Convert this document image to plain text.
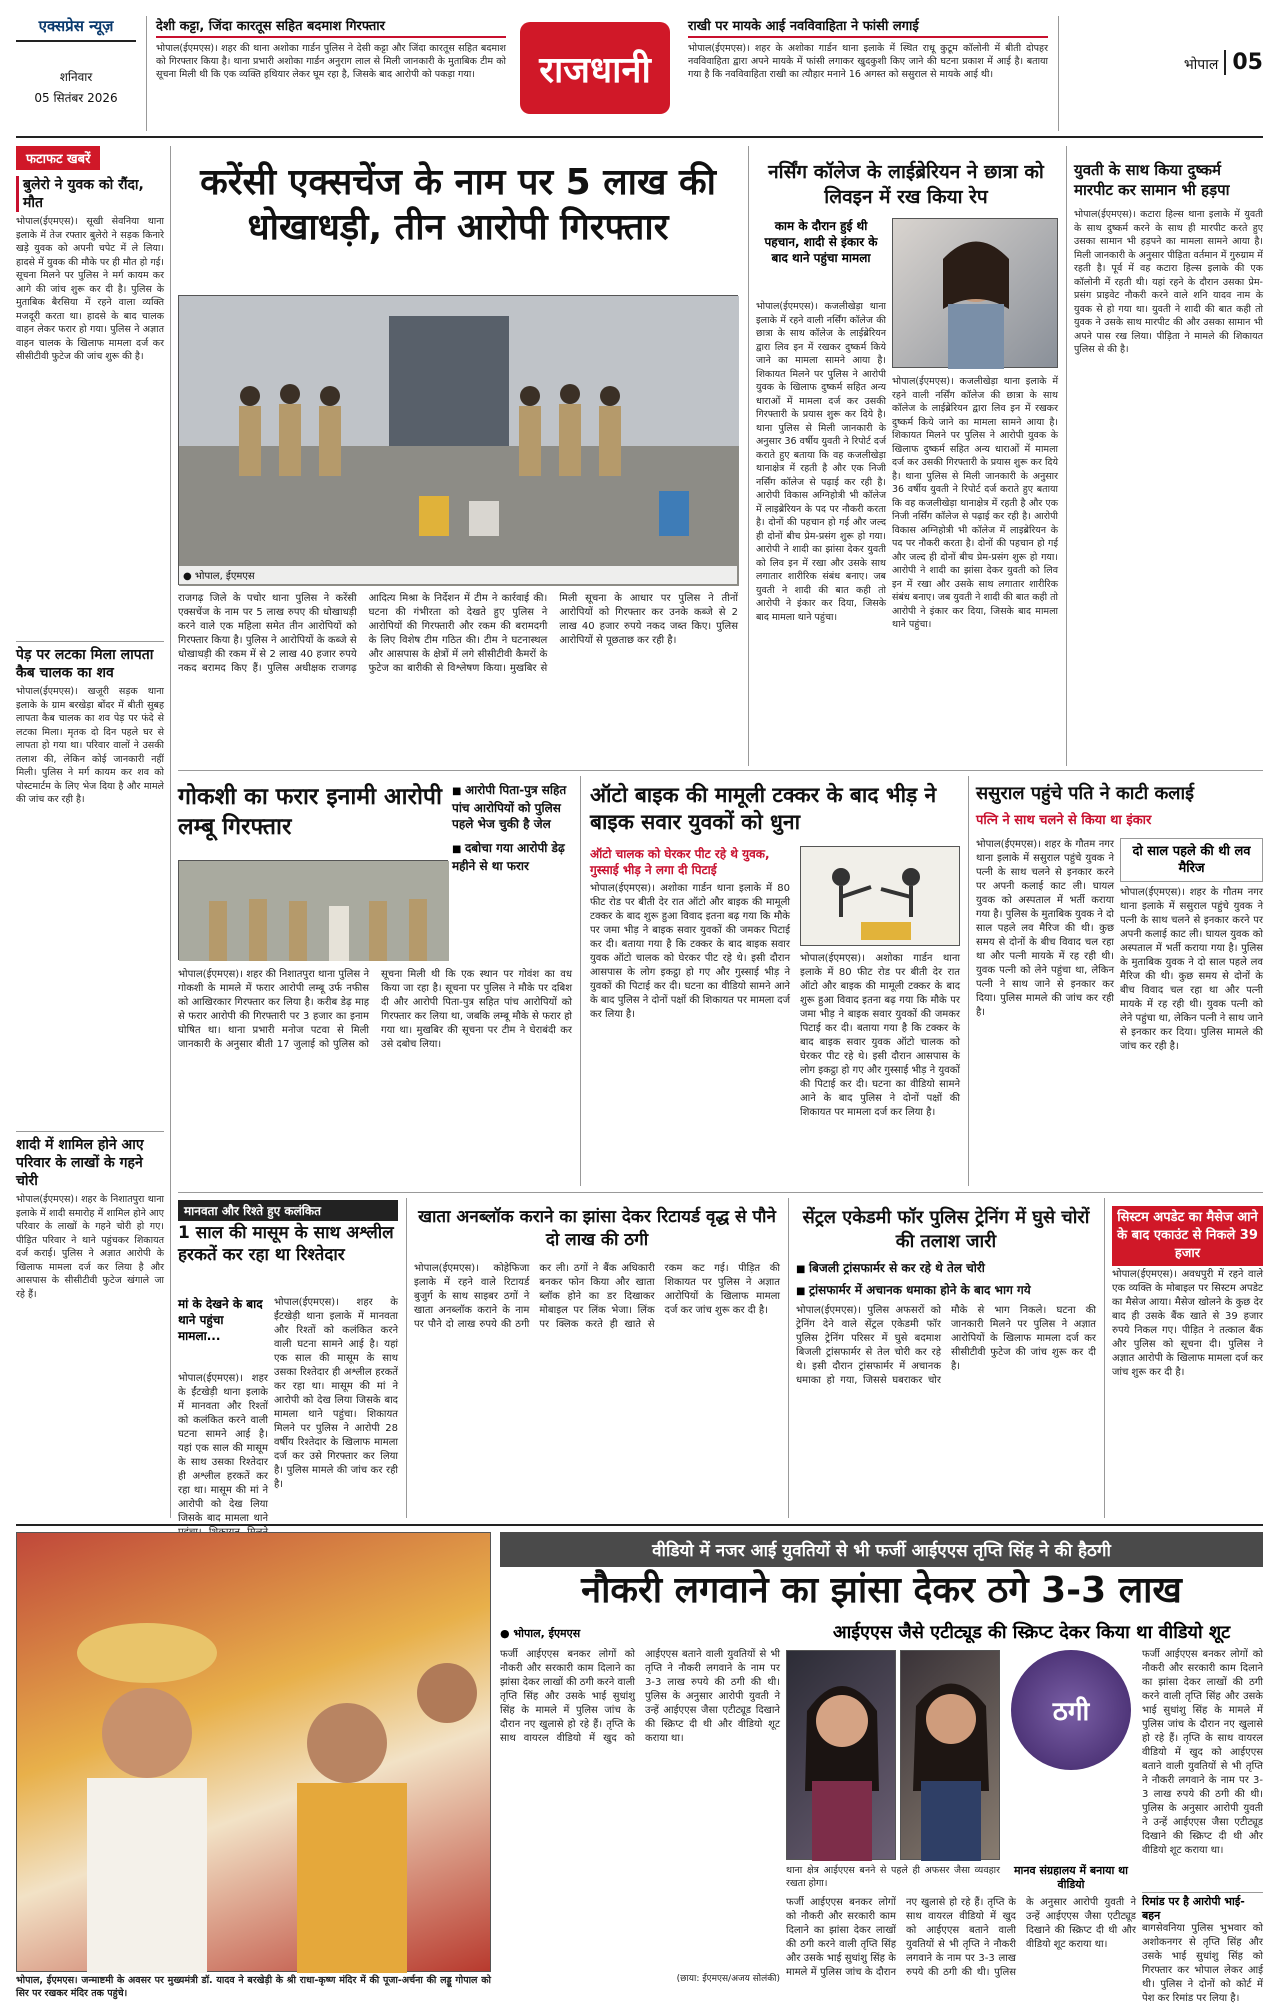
एक्सप्रेस न्यूज़
शनिवार
05 सितंबर 2026
देशी कट्टा, जिंदा कारतूस सहित बदमाश गिरफ्तार
भोपाल(ईएमएस)। शहर की थाना अशोका गार्डन पुलिस ने देसी कट्टा और जिंदा कारतूस सहित बदमाश को गिरफ्तार किया है। थाना प्रभारी अशोका गार्डन अनुराग लाल से मिली जानकारी के मुताबिक टीम को सूचना मिली थी कि एक व्यक्ति हथियार लेकर घूम रहा है, जिसके बाद आरोपी को पकड़ा गया।	राजधानी
राखी पर मायके आई नवविवाहिता ने फांसी लगाई
भोपाल(ईएमएस)। शहर के अशोका गार्डन थाना इलाके में स्थित राधू कुटूम कॉलोनी में बीती दोपहर नवविवाहिता द्वारा अपने मायके में फांसी लगाकर खुदकुशी किए जाने की घटना प्रकाश में आई है। बताया गया है कि नवविवाहिता राखी का त्यौहार मनाने 16 अगस्त को ससुराल से मायके आई थी।
भोपाल 05
फटाफट खबरें
बुलेरो ने युवक को रौंदा, मौत
भोपाल(ईएमएस)। सूखी सेवनिया थाना इलाके में तेज रफ्तार बुलेरो ने सड़क किनारे खड़े युवक को अपनी चपेट में ले लिया। हादसे में युवक की मौके पर ही मौत हो गई। सूचना मिलने पर पुलिस ने मर्ग कायम कर आगे की जांच शुरू कर दी है। पुलिस के मुताबिक बैरसिया में रहने वाला व्यक्ति मजदूरी करता था। हादसे के बाद चालक वाहन लेकर फरार हो गया। पुलिस ने अज्ञात वाहन चालक के खिलाफ मामला दर्ज कर सीसीटीवी फुटेज की जांच शुरू की है।
पेड़ पर लटका मिला लापता कैब चालक का शव
भोपाल(ईएमएस)। खजूरी सड़क थाना इलाके के ग्राम बरखेड़ा बोंदर में बीती सुबह लापता कैब चालक का शव पेड़ पर फंदे से लटका मिला। मृतक दो दिन पहले घर से लापता हो गया था। परिवार वालों ने उसकी तलाश की, लेकिन कोई जानकारी नहीं मिली। पुलिस ने मर्ग कायम कर शव को पोस्टमार्टम के लिए भेज दिया है और मामले की जांच कर रही है।
शादी में शामिल होने आए परिवार के लाखों के गहने चोरी
भोपाल(ईएमएस)। शहर के निशातपुरा थाना इलाके में शादी समारोह में शामिल होने आए परिवार के लाखों के गहने चोरी हो गए। पीड़ित परिवार ने थाने पहुंचकर शिकायत दर्ज कराई। पुलिस ने अज्ञात आरोपी के खिलाफ मामला दर्ज कर लिया है और आसपास के सीसीटीवी फुटेज खंगाले जा रहे हैं।
करेंसी एक्सचेंज के नाम पर 5 लाख की धोखाधड़ी, तीन आरोपी गिरफ्तार
● भोपाल, ईएमएस
राजगढ़ जिले के पचोर थाना पुलिस ने करेंसी एक्सचेंज के नाम पर 5 लाख रुपए की धोखाधड़ी करने वाले एक महिला समेत तीन आरोपियों को गिरफ्तार किया है। पुलिस ने आरोपियों के कब्जे से धोखाधड़ी की रकम में से 2 लाख 40 हजार रुपये नकद बरामद किए हैं। पुलिस अधीक्षक राजगढ़ आदित्य मिश्रा के निर्देशन में टीम ने कार्रवाई की। घटना की गंभीरता को देखते हुए पुलिस ने आरोपियों की गिरफ्तारी और रकम की बरामदगी के लिए विशेष टीम गठित की। टीम ने घटनास्थल और आसपास के क्षेत्रों में लगे सीसीटीवी कैमरों के फुटेज का बारीकी से विश्लेषण किया। मुखबिर से मिली सूचना के आधार पर पुलिस ने तीनों आरोपियों को गिरफ्तार कर उनके कब्जे से 2 लाख 40 हजार रुपये नकद जब्त किए। पुलिस आरोपियों से पूछताछ कर रही है।
नर्सिंग कॉलेज के लाईब्रेरियन ने छात्रा को लिवइन में रख किया रेप
काम के दौरान हुई थी पहचान, शादी से इंकार के बाद थाने पहुंचा मामला
भोपाल(ईएमएस)। कजलीखेड़ा थाना इलाके में रहने वाली नर्सिंग कॉलेज की छात्रा के साथ कॉलेज के लाईब्रेरियन द्वारा लिव इन में रखकर दुष्कर्म किये जाने का मामला सामने आया है। शिकायत मिलने पर पुलिस ने आरोपी युवक के खिलाफ दुष्कर्म सहित अन्य धाराओं में मामला दर्ज कर उसकी गिरफ्तारी के प्रयास शुरू कर दिये है। थाना पुलिस से मिली जानकारी के अनुसार 36 वर्षीय युवती ने रिपोर्ट दर्ज कराते हुए बताया कि वह कजलीखेड़ा थानाक्षेत्र में रहती है और एक निजी नर्सिंग कॉलेज से पढ़ाई कर रही है। आरोपी विकास अग्निहोत्री भी कॉलेज में लाइब्रेरियन के पद पर नौकरी करता है। दोनों की पहचान हो गई और जल्द ही दोनों बीच प्रेम-प्रसंग शुरू हो गया। आरोपी ने शादी का झांसा देकर युवती को लिव इन में रखा और उसके साथ लगातार शारीरिक संबंध बनाए। जब युवती ने शादी की बात कही तो आरोपी ने इंकार कर दिया, जिसके बाद मामला थाने पहुंचा।
भोपाल(ईएमएस)। कजलीखेड़ा थाना इलाके में रहने वाली नर्सिंग कॉलेज की छात्रा के साथ कॉलेज के लाईब्रेरियन द्वारा लिव इन में रखकर दुष्कर्म किये जाने का मामला सामने आया है। शिकायत मिलने पर पुलिस ने आरोपी युवक के खिलाफ दुष्कर्म सहित अन्य धाराओं में मामला दर्ज कर उसकी गिरफ्तारी के प्रयास शुरू कर दिये है। थाना पुलिस से मिली जानकारी के अनुसार 36 वर्षीय युवती ने रिपोर्ट दर्ज कराते हुए बताया कि वह कजलीखेड़ा थानाक्षेत्र में रहती है और एक निजी नर्सिंग कॉलेज से पढ़ाई कर रही है। आरोपी विकास अग्निहोत्री भी कॉलेज में लाइब्रेरियन के पद पर नौकरी करता है। दोनों की पहचान हो गई और जल्द ही दोनों बीच प्रेम-प्रसंग शुरू हो गया। आरोपी ने शादी का झांसा देकर युवती को लिव इन में रखा और उसके साथ लगातार शारीरिक संबंध बनाए। जब युवती ने शादी की बात कही तो आरोपी ने इंकार कर दिया, जिसके बाद मामला थाने पहुंचा।
युवती के साथ किया दुष्कर्म मारपीट कर सामान भी हड़पा
भोपाल(ईएमएस)। कटारा हिल्स थाना इलाके में युवती के साथ दुष्कर्म करने के साथ ही मारपीट करते हुए उसका सामान भी हड़पने का मामला सामने आया है। मिली जानकारी के अनुसार पीड़िता वर्तमान में गुरुग्राम में रहती है। पूर्व में वह कटारा हिल्स इलाके की एक कॉलोनी में रहती थी। यहां रहने के दौरान उसका प्रेम-प्रसंग प्राइवेट नौकरी करने वाले शनि यादव नाम के युवक से हो गया था। युवती ने शादी की बात कही तो युवक ने उसके साथ मारपीट की और उसका सामान भी अपने पास रख लिया। पीड़िता ने मामले की शिकायत पुलिस से की है।
गोकशी का फरार इनामी आरोपी लम्बू गिरफ्तार
■ आरोपी पिता-पुत्र सहित पांच आरोपियों को पुलिस पहले भेज चुकी है जेल
■ दबोचा गया आरोपी डेढ़ महीने से था फरार
भोपाल(ईएमएस)। शहर की निशातपुरा थाना पुलिस ने गोकशी के मामले में फरार आरोपी लम्बू उर्फ नफीस को आखिरकार गिरफ्तार कर लिया है। करीब डेढ़ माह से फरार आरोपी की गिरफ्तारी पर 3 हजार का इनाम घोषित था। थाना प्रभारी मनोज पटवा से मिली जानकारी के अनुसार बीती 17 जुलाई को पुलिस को सूचना मिली थी कि एक स्थान पर गोवंश का वध किया जा रहा है। सूचना पर पुलिस ने मौके पर दबिश दी और आरोपी पिता-पुत्र सहित पांच आरोपियों को गिरफ्तार कर लिया था, जबकि लम्बू मौके से फरार हो गया था। मुखबिर की सूचना पर टीम ने घेराबंदी कर उसे दबोच लिया।
ऑटो बाइक की मामूली टक्कर के बाद भीड़ ने बाइक सवार युवकों को धुना
ऑटो चालक को घेरकर पीट रहे थे युवक, गुस्साई भीड़ ने लगा दी पिटाई
भोपाल(ईएमएस)। अशोका गार्डन थाना इलाके में 80 फीट रोड पर बीती देर रात ऑटो और बाइक की मामूली टक्कर के बाद शुरू हुआ विवाद इतना बढ़ गया कि मौके पर जमा भीड़ ने बाइक सवार युवकों की जमकर पिटाई कर दी। बताया गया है कि टक्कर के बाद बाइक सवार युवक ऑटो चालक को घेरकर पीट रहे थे। इसी दौरान आसपास के लोग इकट्ठा हो गए और गुस्साई भीड़ ने युवकों की पिटाई कर दी। घटना का वीडियो सामने आने के बाद पुलिस ने दोनों पक्षों की शिकायत पर मामला दर्ज कर लिया है।
भोपाल(ईएमएस)। अशोका गार्डन थाना इलाके में 80 फीट रोड पर बीती देर रात ऑटो और बाइक की मामूली टक्कर के बाद शुरू हुआ विवाद इतना बढ़ गया कि मौके पर जमा भीड़ ने बाइक सवार युवकों की जमकर पिटाई कर दी। बताया गया है कि टक्कर के बाद बाइक सवार युवक ऑटो चालक को घेरकर पीट रहे थे। इसी दौरान आसपास के लोग इकट्ठा हो गए और गुस्साई भीड़ ने युवकों की पिटाई कर दी। घटना का वीडियो सामने आने के बाद पुलिस ने दोनों पक्षों की शिकायत पर मामला दर्ज कर लिया है।
ससुराल पहुंचे पति ने काटी कलाई
पत्नि ने साथ चलने से किया था इंकार
दो साल पहले की थी लव मैरिज
भोपाल(ईएमएस)। शहर के गौतम नगर थाना इलाके में ससुराल पहुंचे युवक ने पत्नी के साथ चलने से इनकार करने पर अपनी कलाई काट ली। घायल युवक को अस्पताल में भर्ती कराया गया है। पुलिस के मुताबिक युवक ने दो साल पहले लव मैरिज की थी। कुछ समय से दोनों के बीच विवाद चल रहा था और पत्नी मायके में रह रही थी। युवक पत्नी को लेने पहुंचा था, लेकिन पत्नी ने साथ जाने से इनकार कर दिया। पुलिस मामले की जांच कर रही है।
भोपाल(ईएमएस)। शहर के गौतम नगर थाना इलाके में ससुराल पहुंचे युवक ने पत्नी के साथ चलने से इनकार करने पर अपनी कलाई काट ली। घायल युवक को अस्पताल में भर्ती कराया गया है। पुलिस के मुताबिक युवक ने दो साल पहले लव मैरिज की थी। कुछ समय से दोनों के बीच विवाद चल रहा था और पत्नी मायके में रह रही थी। युवक पत्नी को लेने पहुंचा था, लेकिन पत्नी ने साथ जाने से इनकार कर दिया। पुलिस मामले की जांच कर रही है।
मानवता और रिश्ते हुए कलंकित
1 साल की मासूम के साथ अश्लील हरकतें कर रहा था रिश्तेदार
मां के देखने के बाद थाने पहुंचा मामला...
भोपाल(ईएमएस)। शहर के ईंटखेड़ी थाना इलाके में मानवता और रिश्तों को कलंकित करने वाली घटना सामने आई है। यहां एक साल की मासूम के साथ उसका रिश्तेदार ही अश्लील हरकतें कर रहा था। मासूम की मां ने आरोपी को देख लिया जिसके बाद मामला थाने पहुंचा। शिकायत मिलने पर पुलिस ने आरोपी 28 वर्षीय रिश्तेदार के खिलाफ मामला दर्ज कर उसे गिरफ्तार कर लिया है। पुलिस मामले की जांच कर रही है।
भोपाल(ईएमएस)। शहर के ईंटखेड़ी थाना इलाके में मानवता और रिश्तों को कलंकित करने वाली घटना सामने आई है। यहां एक साल की मासूम के साथ उसका रिश्तेदार ही अश्लील हरकतें कर रहा था। मासूम की मां ने आरोपी को देख लिया जिसके बाद मामला थाने
खाता अनब्लॉक कराने का झांसा देकर रिटायर्ड वृद्ध से पौने दो लाख की ठगी
भोपाल(ईएमएस)। कोहेफिजा इलाके में रहने वाले रिटायर्ड बुजुर्ग के साथ साइबर ठगों ने खाता अनब्लॉक कराने के नाम पर पौने दो लाख रुपये की ठगी कर ली। ठगों ने बैंक अधिकारी बनकर फोन किया और खाता ब्लॉक होने का डर दिखाकर मोबाइल पर लिंक भेजा। लिंक पर क्लिक करते ही खाते से रकम कट गई। पीड़ित की शिकायत पर पुलिस ने अज्ञात आरोपियों के खिलाफ मामला दर्ज कर जांच शुरू कर दी है।
सेंट्रल एकेडमी फॉर पुलिस ट्रेनिंग में घुसे चोरों की तलाश जारी
■ बिजली ट्रांसफार्मर से कर रहे थे तेल चोरी
■ ट्रांसफार्मर में अचानक धमाका होने के बाद भाग गये
भोपाल(ईएमएस)। पुलिस अफसरों को ट्रेनिंग देने वाले सेंट्रल एकेडमी फॉर पुलिस ट्रेनिंग परिसर में घुसे बदमाश बिजली ट्रांसफार्मर से तेल चोरी कर रहे थे। इसी दौरान ट्रांसफार्मर में अचानक धमाका हो गया, जिससे घबराकर चोर मौके से भाग निकले। घटना की जानकारी मिलने पर पुलिस ने अज्ञात आरोपियों के खिलाफ मामला दर्ज कर सीसीटीवी फुटेज की जांच शुरू कर दी है।
सिस्टम अपडेट का मैसेज आने के बाद एकाउंट से निकले 39 हजार
भोपाल(ईएमएस)। अवधपुरी में रहने वाले एक व्यक्ति के मोबाइल पर सिस्टम अपडेट का मैसेज आया। मैसेज खोलने के कुछ देर बाद ही उसके बैंक खाते से 39 हजार रुपये निकल गए। पीड़ित ने तत्काल बैंक और पुलिस को सूचना दी। पुलिस ने अज्ञात आरोपी के खिलाफ मामला दर्ज कर जांच शुरू कर दी है।
भोपाल, ईएमएस। जन्माष्टमी के अवसर पर मुख्यमंत्री डॉ. यादव ने बरखेड़ी के श्री राधा-कृष्ण मंदिर में की पूजा-अर्चना की लड्डू गोपाल को सिर पर रखकर मंदिर तक पहुंचे।
वीडियो में नजर आई युवतियों से भी फर्जी आईएएस तृप्ति सिंह ने की हैठगी
नौकरी लगवाने का झांसा देकर ठगे 3-3 लाख
आईएएस जैसे एटीट्यूड की स्क्रिप्ट देकर किया था वीडियो शूट
● भोपाल, ईएमएस
फर्जी आईएएस बनकर लोगों को नौकरी और सरकारी काम दिलाने का झांसा देकर लाखों की ठगी करने वाली तृप्ति सिंह और उसके भाई सुधांशु सिंह के मामले में पुलिस जांच के दौरान नए खुलासे हो रहे हैं। तृप्ति के साथ वायरल वीडियो में खुद को आईएएस बताने वाली युवतियों से भी तृप्ति ने नौकरी लगवाने के नाम पर 3-3 लाख रुपये की ठगी की थी। पुलिस के अनुसार आरोपी युवती ने उन्हें आईएएस जैसा एटीट्यूड दिखाने की स्क्रिप्ट दी थी और वीडियो शूट कराया था।
ठगी
थाना क्षेत्र आईएएस बनने से पहले ही अफसर जैसा व्यवहार रखता होगा।
मानव संग्रहालय में बनाया था वीडियो
फर्जी आईएएस बनकर लोगों को नौकरी और सरकारी काम दिलाने का झांसा देकर लाखों की ठगी करने वाली तृप्ति सिंह और उसके भाई सुधांशु सिंह के मामले में पुलिस जांच के दौरान नए खुलासे हो रहे हैं। तृप्ति के साथ वायरल वीडियो में खुद को आईएएस बताने वाली युवतियों से भी तृप्ति ने नौकरी लगवाने के नाम पर 3-3 लाख रुपये की ठगी की थी। पुलिस के अनुसार आरोपी युवती ने उन्हें आईएएस जैसा एटीट्यूड दिखाने की स्क्रिप्ट दी थी और वीडियो शूट कराया था।
फर्जी आईएएस बनकर लोगों को नौकरी और सरकारी काम दिलाने का झांसा देकर लाखों की ठगी करने वाली तृप्ति सिंह और उसके भाई सुधांशु सिंह के मामले में पुलिस जांच के दौरान नए खुलासे हो रहे हैं। तृप्ति के साथ वायरल वीडियो में खुद को आईएएस बताने वाली युवतियों से भी तृप्ति ने नौकरी लगवाने के नाम पर 3-3 लाख रुपये की ठगी की थी। पुलिस के अनुसार आरोपी युवती ने उन्हें आईएएस जैसा एटीट्यूड दिखाने की स्क्रिप्ट दी थी और वीडियो शूट कराया था।
रिमांड पर है आरोपी भाई-बहन
बागसेवनिया पुलिस भुभवार को अशोकनगर से तृप्ति सिंह और उसके भाई सुधांशु सिंह को गिरफ्तार कर भोपाल लेकर आई थी। पुलिस ने दोनों को कोर्ट में पेश कर रिमांड पर लिया है।
(छाया: ईएमएस/अजय सोलंकी)
